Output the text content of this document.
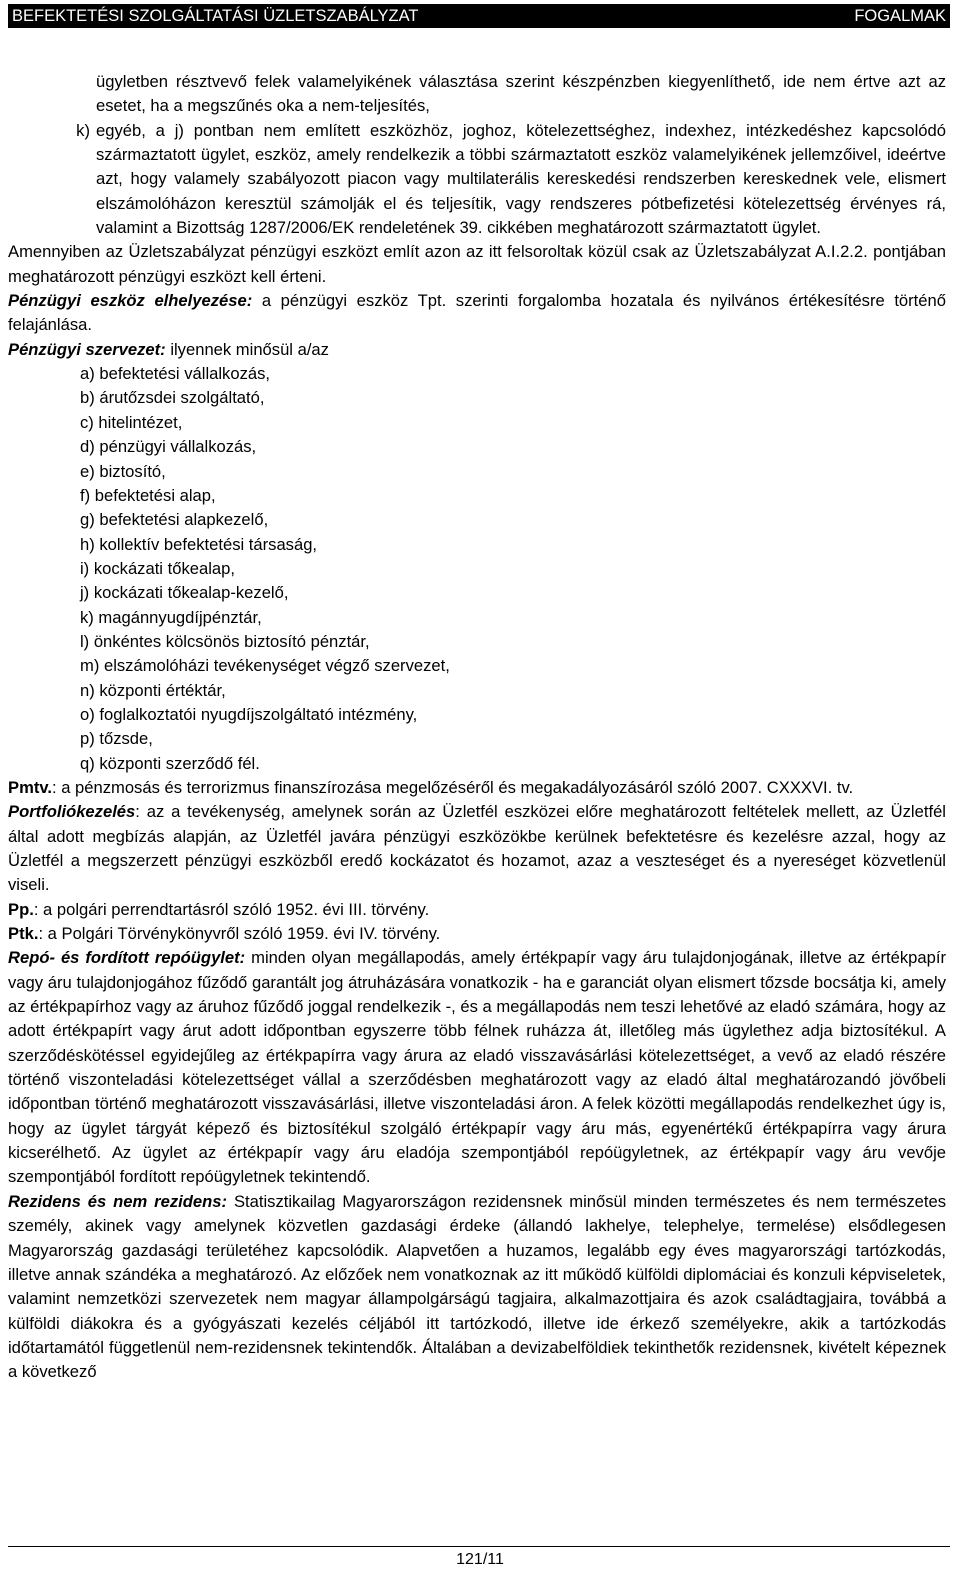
BEFEKTETÉSI SZOLGÁLTATÁSI ÜZLETSZABÁLYZAT	FOGALMAK

ügyletben résztvevő felek valamelyikének választása szerint készpénzben kiegyenlíthető, ide nem értve azt az esetet, ha a megszűnés oka a nem-teljesítés,

k) egyéb, a j) pontban nem említett eszközhöz, joghoz, kötelezettséghez, indexhez, intézkedéshez kapcsolódó származtatott ügylet, eszköz, amely rendelkezik a többi származtatott eszköz valamelyikének jellemzőivel, ideértve azt, hogy valamely szabályozott piacon vagy multilaterális kereskedési rendszerben kereskednek vele, elismert elszámolóházon keresztül számolják el és teljesítik, vagy rendszeres pótbefizetési kötelezettség érvényes rá, valamint a Bizottság 1287/2006/EK rendeletének 39. cikkében meghatározott származtatott ügylet.

Amennyiben az Üzletszabályzat pénzügyi eszközt említ azon az itt felsoroltak közül csak az Üzletszabályzat A.I.2.2. pontjában meghatározott pénzügyi eszközt kell érteni.

Pénzügyi eszköz elhelyezése: a pénzügyi eszköz Tpt. szerinti forgalomba hozatala és nyilvános értékesítésre történő felajánlása.

Pénzügyi szervezet: ilyennek minősül a/az

a) befektetési vállalkozás,
b) árutőzsdei szolgáltató,
c) hitelintézet,
d) pénzügyi vállalkozás,
e) biztosító,
f) befektetési alap,
g) befektetési alapkezelő,
h) kollektív befektetési társaság,
i) kockázati tőkealap,
j) kockázati tőkealap-kezelő,
k) magánnyugdíjpénztár,
l) önkéntes kölcsönös biztosító pénztár,
m) elszámolóházi tevékenységet végző szervezet,
n) központi értéktár,
o) foglalkoztatói nyugdíjszolgáltató intézmény,
p) tőzsde,
q) központi szerződő fél.

Pmtv.: a pénzmosás és terrorizmus finanszírozása megelőzéséről és megakadályozásáról szóló 2007. CXXXVI. tv.

Portfoliókezelés: az a tevékenység, amelynek során az Üzletfél eszközei előre meghatározott feltételek mellett, az Üzletfél által adott megbízás alapján, az Üzletfél javára pénzügyi eszközökbe kerülnek befektetésre és kezelésre azzal, hogy az Üzletfél a megszerzett pénzügyi eszközből eredő kockázatot és hozamot, azaz a veszteséget és a nyereséget közvetlenül viseli.

Pp.: a polgári perrendtartásról szóló 1952. évi III. törvény.

Ptk.: a Polgári Törvénykönyvről szóló 1959. évi IV. törvény.

Repó- és fordított repóügylet: minden olyan megállapodás, amely értékpapír vagy áru tulajdonjogának, illetve az értékpapír vagy áru tulajdonjogához fűződő garantált jog átruházására vonatkozik - ha e garanciát olyan elismert tőzsde bocsátja ki, amely az értékpapírhoz vagy az áruhoz fűződő joggal rendelkezik -, és a megállapodás nem teszi lehetővé az eladó számára, hogy az adott értékpapírt vagy árut adott időpontban egyszerre több félnek ruházza át, illetőleg más ügylethez adja biztosítékul. A szerződéskötéssel egyidejűleg az értékpapírra vagy árura az eladó visszavásárlási kötelezettséget, a vevő az eladó részére történő viszonteladási kötelezettséget vállal a szerződésben meghatározott vagy az eladó által meghatározandó jövőbeli időpontban történő meghatározott visszavásárlási, illetve viszonteladási áron. A felek közötti megállapodás rendelkezhet úgy is, hogy az ügylet tárgyát képező és biztosítékul szolgáló értékpapír vagy áru más, egyenértékű értékpapírra vagy árura kicserélhető. Az ügylet az értékpapír vagy áru eladója szempontjából repóügyletnek, az értékpapír vagy áru vevője szempontjából fordított repóügyletnek tekintendő.

Rezidens és nem rezidens: Statisztikailag Magyarországon rezidensnek minősül minden természetes és nem természetes személy, akinek vagy amelynek közvetlen gazdasági érdeke (állandó lakhelye, telephelye, termelése) elsődlegesen Magyarország gazdasági területéhez kapcsolódik. Alapvetően a huzamos, legalább egy éves magyarországi tartózkodás, illetve annak szándéka a meghatározó. Az előzőek nem vonatkoznak az itt működő külföldi diplomáciai és konzuli képviseletek, valamint nemzetközi szervezetek nem magyar állampolgárságú tagjaira, alkalmazottjaira és azok családtagjaira, továbbá a külföldi diákokra és a gyógyászati kezelés céljából itt tartózkodó, illetve ide érkező személyekre, akik a tartózkodás időtartamától függetlenül nem-rezidensnek tekintendők. Általában a devizabelföldiek tekinthetők rezidensnek, kivételt képeznek a következő

121/11
